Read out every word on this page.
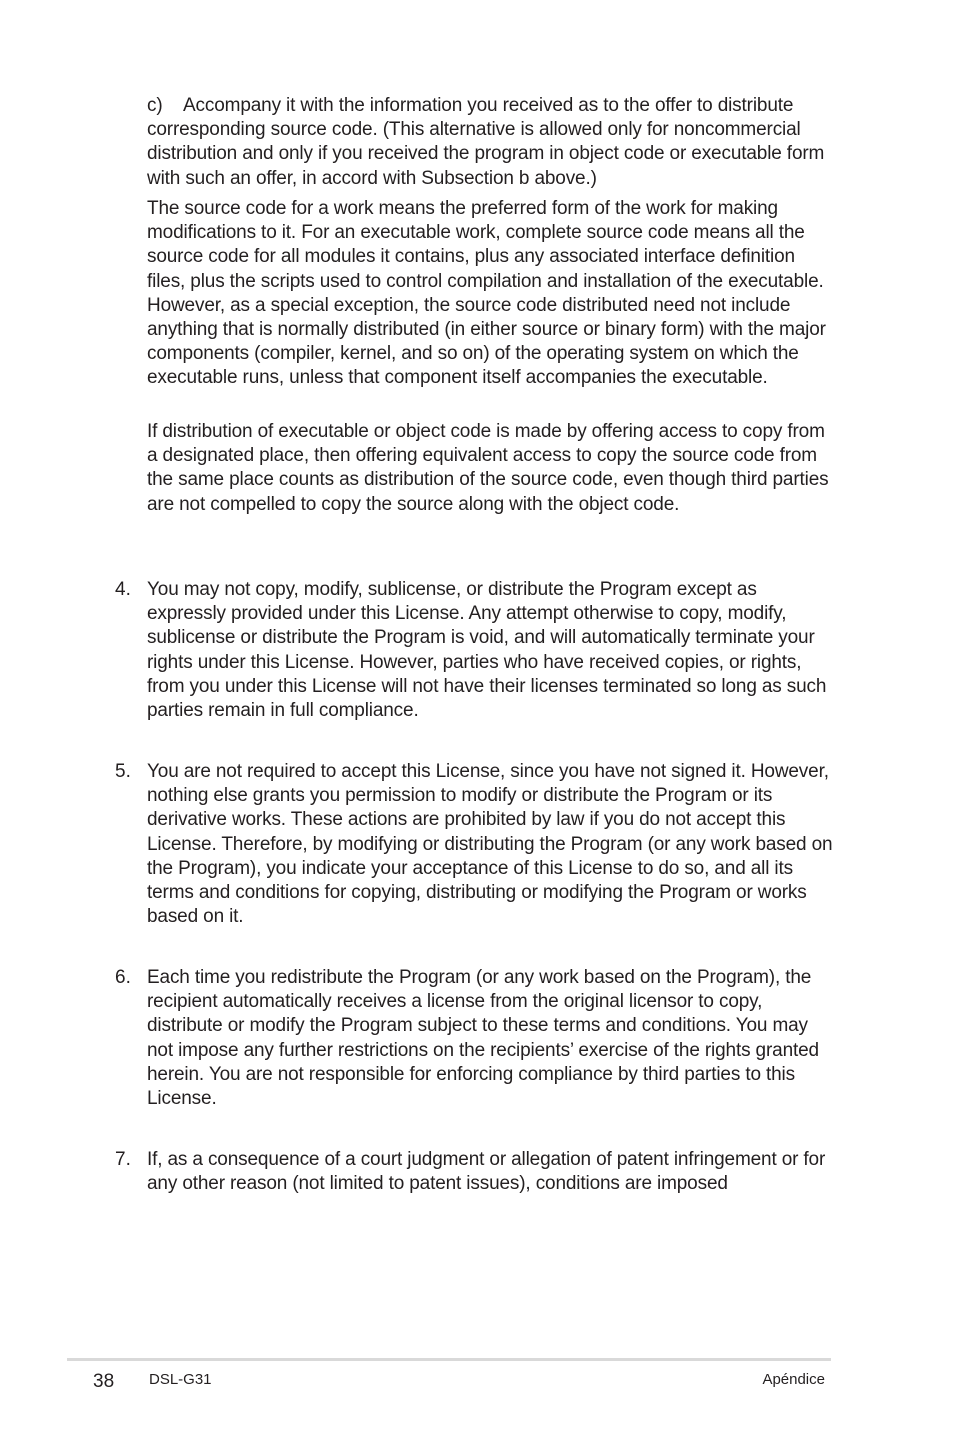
c) Accompany it with the information you received as to the offer to distribute corresponding source code. (This alternative is allowed only for noncommercial distribution and only if you received the program in object code or executable form with such an offer, in accord with Subsection b above.)

The source code for a work means the preferred form of the work for making modifications to it. For an executable work, complete source code means all the source code for all modules it contains, plus any associated interface definition files, plus the scripts used to control compilation and installation of the executable. However, as a special exception, the source code distributed need not include anything that is normally distributed (in either source or binary form) with the major components (compiler, kernel, and so on) of the operating system on which the executable runs, unless that component itself accompanies the executable.

If distribution of executable or object code is made by offering access to copy from a designated place, then offering equivalent access to copy the source code from the same place counts as distribution of the source code, even though third parties are not compelled to copy the source along with the object code.

4. You may not copy, modify, sublicense, or distribute the Program except as expressly provided under this License. Any attempt otherwise to copy, modify, sublicense or distribute the Program is void, and will automatically terminate your rights under this License. However, parties who have received copies, or rights, from you under this License will not have their licenses terminated so long as such parties remain in full compliance.

5. You are not required to accept this License, since you have not signed it. However, nothing else grants you permission to modify or distribute the Program or its derivative works. These actions are prohibited by law if you do not accept this License. Therefore, by modifying or distributing the Program (or any work based on the Program), you indicate your acceptance of this License to do so, and all its terms and conditions for copying, distributing or modifying the Program or works based on it.

6. Each time you redistribute the Program (or any work based on the Program), the recipient automatically receives a license from the original licensor to copy, distribute or modify the Program subject to these terms and conditions. You may not impose any further restrictions on the recipients’ exercise of the rights granted herein. You are not responsible for enforcing compliance by third parties to this License.

7. If, as a consequence of a court judgment or allegation of patent infringement or for any other reason (not limited to patent issues), conditions are imposed

38 DSL-G31	Apéndice
